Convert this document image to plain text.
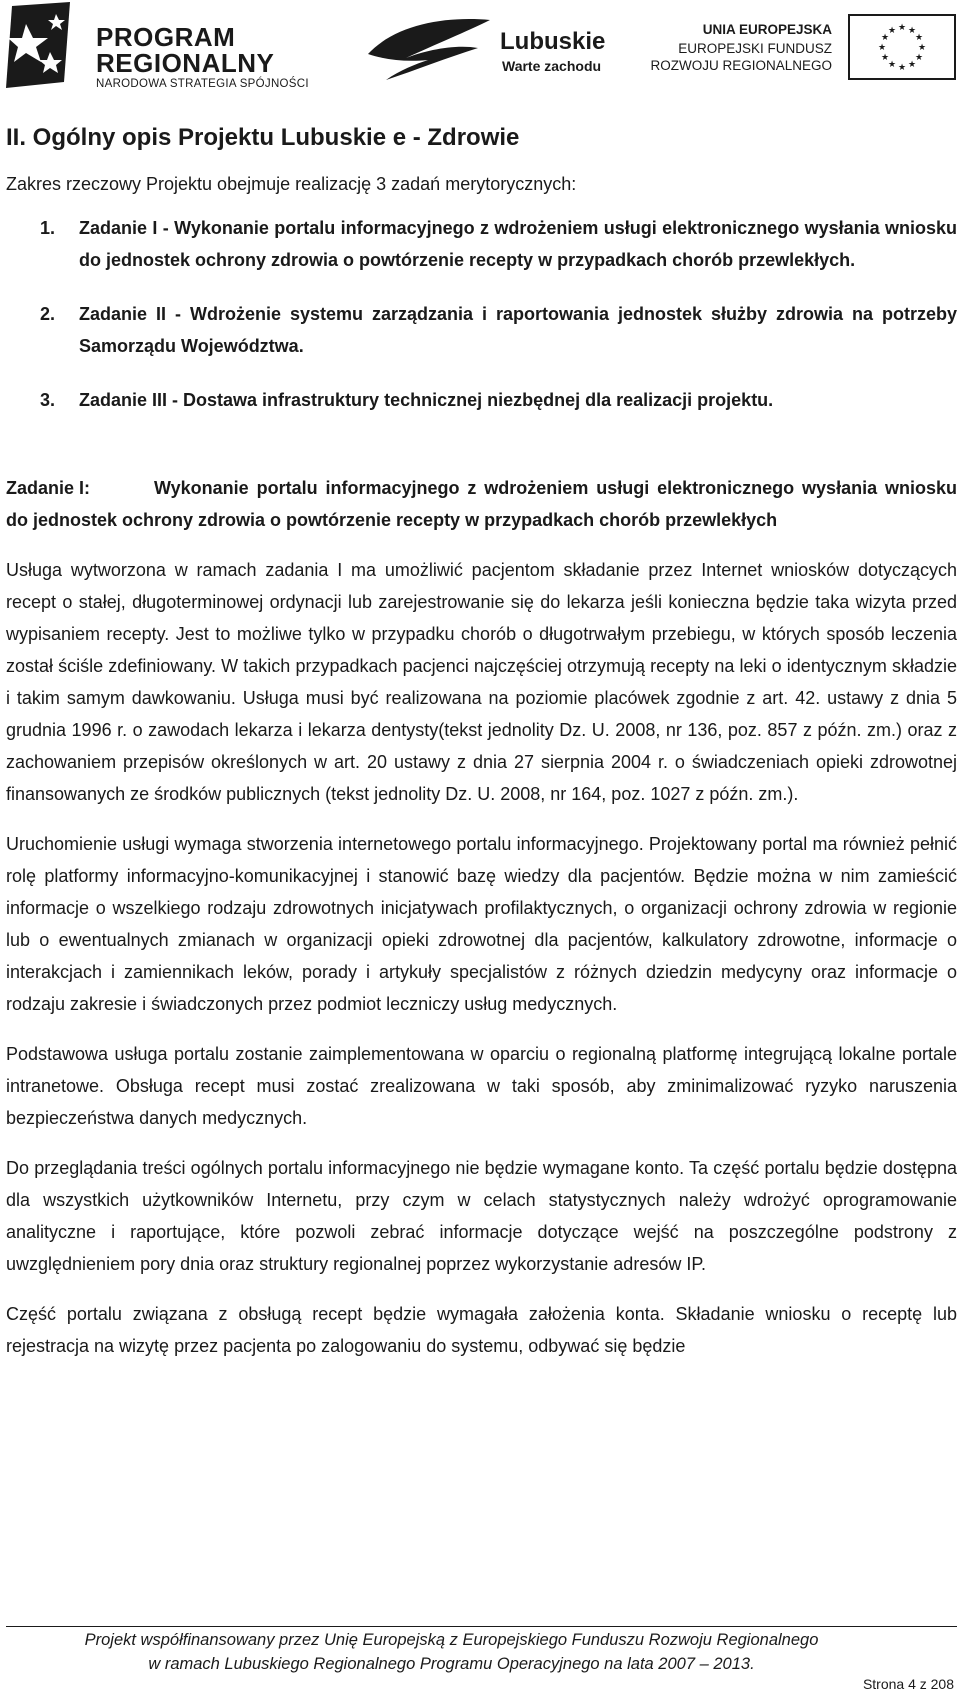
PROGRAM
REGIONALNY
NARODOWA STRATEGIA SPÓJNOŚCI
Lubuskie
Warte zachodu
UNIA EUROPEJSKA
EUROPEJSKI FUNDUSZ
ROZWOJU REGIONALNEGO
★ ★
★
★
★
★
★
★
★
★
★
★
II. Ogólny opis Projektu Lubuskie e - Zdrowie

Zakres rzeczowy Projektu obejmuje realizację 3 zadań merytorycznych:

1. Zadanie I - Wykonanie portalu informacyjnego z wdrożeniem usługi elektronicznego wysłania wniosku do jednostek ochrony zdrowia o powtórzenie recepty w przypadkach chorób przewlekłych.
2. Zadanie II - Wdrożenie systemu zarządzania i raportowania jednostek służby zdrowia na potrzeby Samorządu Województwa.
3. Zadanie III - Dostawa infrastruktury technicznej niezbędnej dla realizacji projektu.

Zadanie I:	Wykonanie portalu informacyjnego z wdrożeniem usługi elektronicznego wysłania wniosku do jednostek ochrony zdrowia o powtórzenie recepty w przypadkach chorób przewlekłych

Usługa wytworzona w ramach zadania I ma umożliwić pacjentom składanie przez Internet wniosków dotyczących recept o stałej, długoterminowej ordynacji lub zarejestrowanie się do lekarza jeśli konieczna będzie taka wizyta przed wypisaniem recepty. Jest to możliwe tylko w przypadku chorób o długotrwałym przebiegu, w których sposób leczenia został ściśle zdefiniowany. W takich przypadkach pacjenci najczęściej otrzymują recepty na leki o identycznym składzie i takim samym dawkowaniu. Usługa musi być realizowana na poziomie placówek zgodnie z art. 42. ustawy z dnia 5 grudnia 1996 r. o zawodach lekarza i lekarza dentysty(tekst jednolity Dz. U. 2008, nr 136, poz. 857 z późn. zm.) oraz z zachowaniem przepisów określonych w art. 20 ustawy z dnia 27 sierpnia 2004 r. o świadczeniach opieki zdrowotnej finansowanych ze środków publicznych (tekst jednolity Dz. U. 2008, nr 164, poz. 1027 z późn. zm.).

Uruchomienie usługi wymaga stworzenia internetowego portalu informacyjnego. Projektowany portal ma również pełnić rolę platformy informacyjno-komunikacyjnej i stanowić bazę wiedzy dla pacjentów. Będzie można w nim zamieścić informacje o wszelkiego rodzaju zdrowotnych inicjatywach profilaktycznych, o organizacji ochrony zdrowia w regionie lub o ewentualnych zmianach w organizacji opieki zdrowotnej dla pacjentów, kalkulatory zdrowotne, informacje o interakcjach i zamiennikach leków, porady i artykuły specjalistów z różnych dziedzin medycyny oraz informacje o rodzaju zakresie i świadczonych przez podmiot leczniczy usług medycznych.

Podstawowa usługa portalu zostanie zaimplementowana w oparciu o regionalną platformę integrującą lokalne portale intranetowe. Obsługa recept musi zostać zrealizowana w taki sposób, aby zminimalizować ryzyko naruszenia bezpieczeństwa danych medycznych.

Do przeglądania treści ogólnych portalu informacyjnego nie będzie wymagane konto. Ta część portalu będzie dostępna dla wszystkich użytkowników Internetu, przy czym w celach statystycznych należy wdrożyć oprogramowanie analityczne i raportujące, które pozwoli zebrać informacje dotyczące wejść na poszczególne podstrony z uwzględnieniem pory dnia oraz struktury regionalnej poprzez wykorzystanie adresów IP.

Część portalu związana z obsługą recept będzie wymagała założenia konta. Składanie wniosku o receptę lub rejestracja na wizytę przez pacjenta po zalogowaniu do systemu, odbywać się będzie

Projekt współfinansowany przez Unię Europejską z Europejskiego Funduszu Rozwoju Regionalnego
w ramach Lubuskiego Regionalnego Programu Operacyjnego na lata 2007 – 2013.
Strona 4 z 208
